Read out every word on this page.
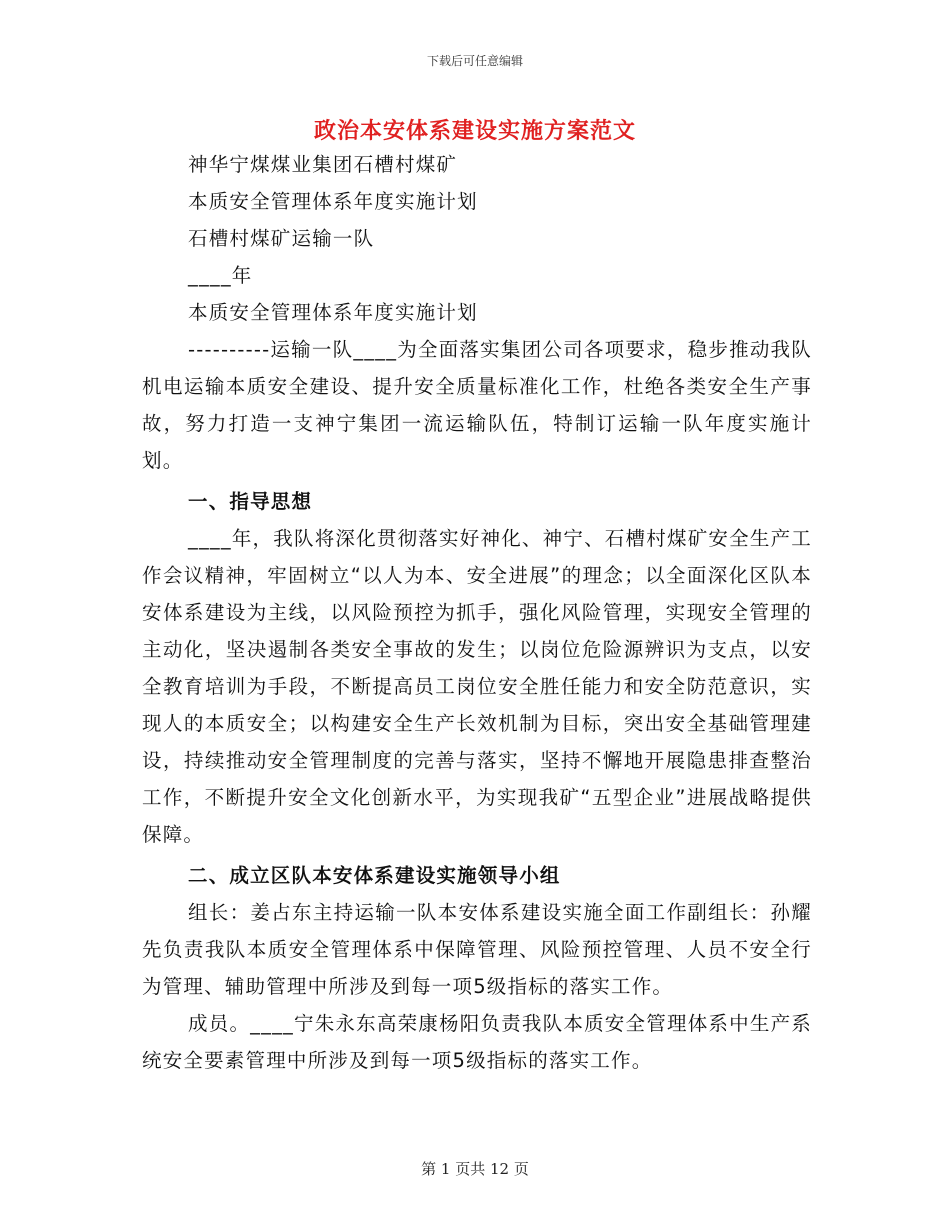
下载后可任意编辑
政治本安体系建设实施方案范文
神华宁煤煤业集团石槽村煤矿
本质安全管理体系年度实施计划
石槽村煤矿运输一队
____年
本质安全管理体系年度实施计划

----------运输一队____为全面落实集团公司各项要求，稳步推动我队机电运输本质安全建设、提升安全质量标准化工作，杜绝各类安全生产事故，努力打造一支神宁集团一流运输队伍，特制订运输一队年度实施计划。

一、指导思想

____年，我队将深化贯彻落实好神化、神宁、石槽村煤矿安全生产工作会议精神，牢固树立“以人为本、安全进展”的理念；以全面深化区队本安体系建设为主线，以风险预控为抓手，强化风险管理，实现安全管理的主动化，坚决遏制各类安全事故的发生；以岗位危险源辨识为支点，以安全教育培训为手段，不断提高员工岗位安全胜任能力和安全防范意识，实现人的本质安全；以构建安全生产长效机制为目标，突出安全基础管理建设，持续推动安全管理制度的完善与落实，坚持不懈地开展隐患排查整治工作，不断提升安全文化创新水平，为实现我矿“五型企业”进展战略提供保障。

二、成立区队本安体系建设实施领导小组

组长：姜占东主持运输一队本安体系建设实施全面工作副组长：孙耀先负责我队本质安全管理体系中保障管理、风险预控管理、人员不安全行为管理、辅助管理中所涉及到每一项5级指标的落实工作。

成员。____宁朱永东高荣康杨阳负责我队本质安全管理体系中生产系统安全要素管理中所涉及到每一项5级指标的落实工作。

第 1 页共 12 页
